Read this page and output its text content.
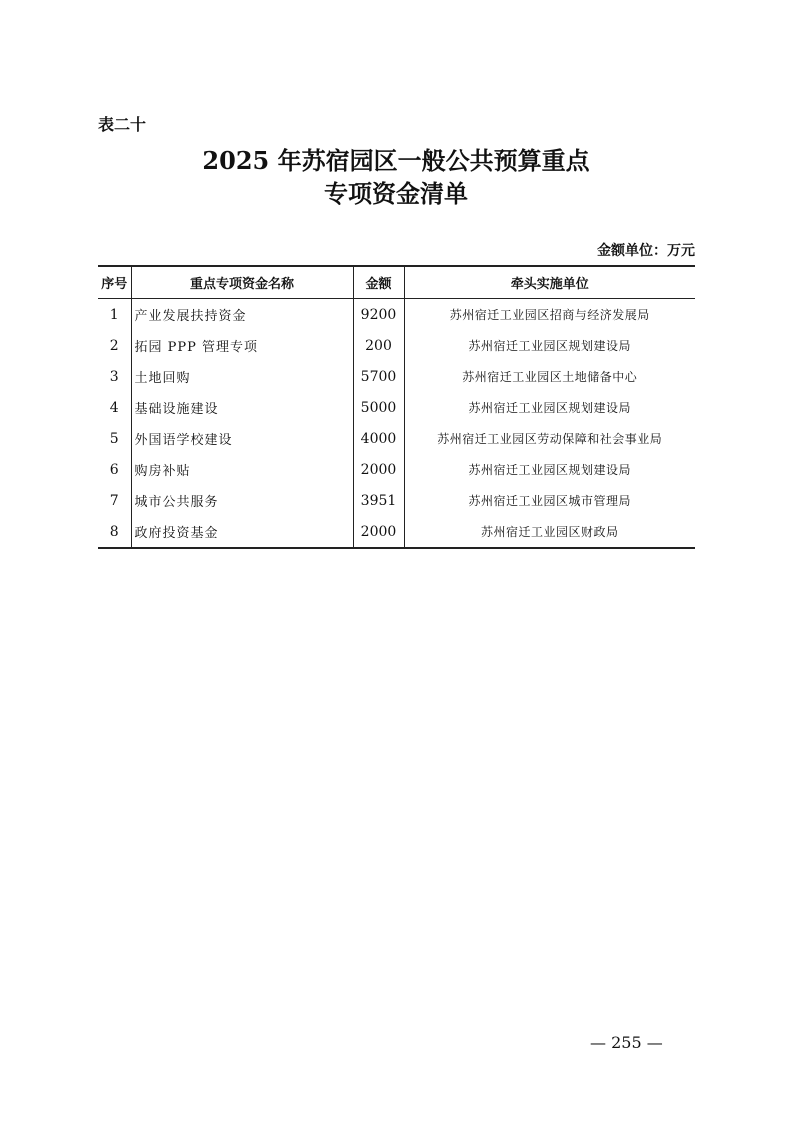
表二十
2025 年苏宿园区一般公共预算重点
专项资金清单
金额单位：万元
序号	重点专项资金名称	金额	牵头实施单位
1	产业发展扶持资金	9200	苏州宿迁工业园区招商与经济发展局
2	拓园 PPP 管理专项	200	苏州宿迁工业园区规划建设局
3	土地回购	5700	苏州宿迁工业园区土地储备中心
4	基础设施建设	5000	苏州宿迁工业园区规划建设局
5	外国语学校建设	4000	苏州宿迁工业园区劳动保障和社会事业局
6	购房补贴	2000	苏州宿迁工业园区规划建设局
7	城市公共服务	3951	苏州宿迁工业园区城市管理局
8	政府投资基金	2000	苏州宿迁工业园区财政局
— 255 —
